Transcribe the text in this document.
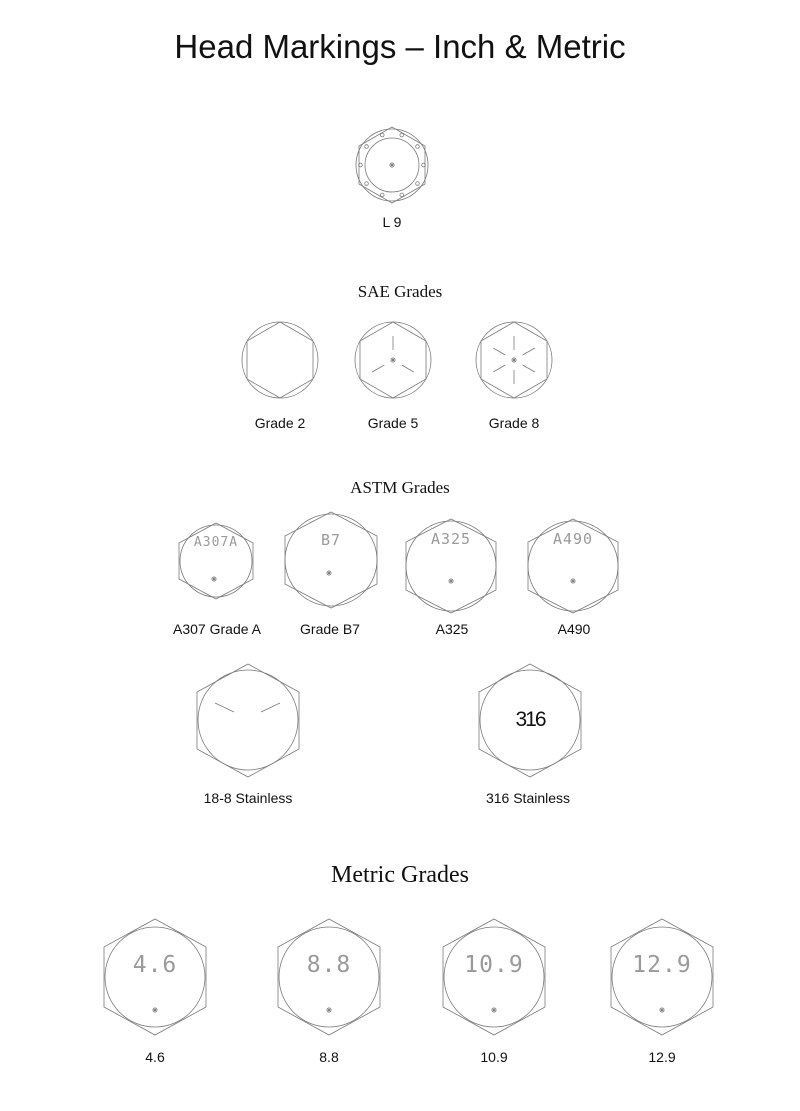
Head Markings – Inch & Metric
L 9
SAE Grades
Grade 2	Grade 5	Grade 8
ASTM Grades
A307A	B7	A325	A490
A307 Grade A	Grade B7	A325	A490
316
18-8 Stainless	316 Stainless
Metric Grades
4.6	8.8	10.9	12.9
4.6	8.8	10.9	12.9
